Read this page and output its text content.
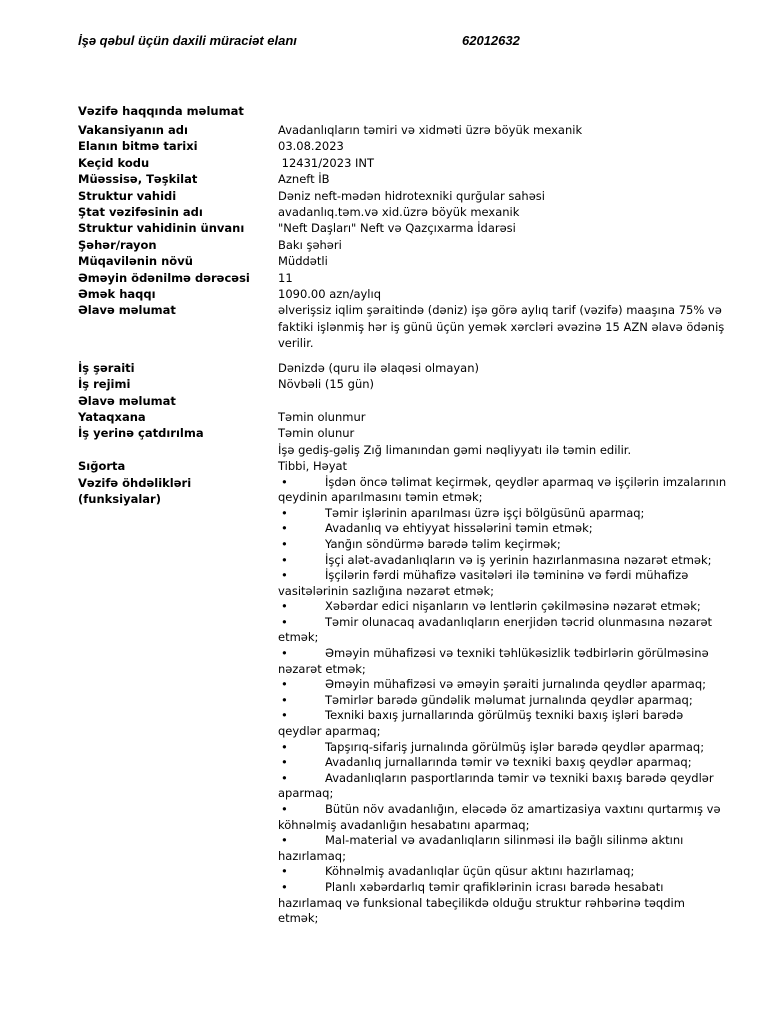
İşə qəbul üçün daxili müraciət elanı	62012632
Vəzifə haqqında məlumat
Vakansiyanın adı	Avadanlıqların təmiri və xidməti üzrə böyük mexanik
Elanın bitmə tarixi	03.08.2023
Keçid kodu	12431/2023 INT
Müəssisə, Təşkilat	Azneft İB
Struktur vahidi	Dəniz neft-mədən hidrotexniki qurğular sahəsi
Ştat vəzifəsinin adı	avadanlıq.təm.və xid.üzrə böyük mexanik
Struktur vahidinin ünvanı	"Neft Daşları" Neft və Qazçıxarma İdarəsi
Şəhər/rayon	Bakı şəhəri
Müqavilənin növü	Müddətli
Əməyin ödənilmə dərəcəsi	11
Əmək haqqı	1090.00 azn/aylıq
Əlavə məlumat	əlverişsiz iqlim şəraitində (dəniz) işə görə aylıq tarif (vəzifə) maaşına 75% və faktiki işlənmiş hər iş günü üçün yemək xərcləri əvəzinə 15 AZN əlavə ödəniş verilir.
İş şəraiti	Dənizdə (quru ilə əlaqəsi olmayan)
İş rejimi	Növbəli (15 gün)
Əlavə məlumat
Yataqxana	Təmin olunmur
İş yerinə çatdırılma	Təmin olunur
İşə gediş-gəliş Zığ limanından gəmi nəqliyyatı ilə təmin edilir.
Sığorta	Tibbi, Həyat
Vəzifə öhdəlikləri (funksiyalar)
•	İşdən öncə təlimat keçirmək, qeydlər aparmaq və işçilərin imzalarının qeydinin aparılmasını təmin etmək;
•	Təmir işlərinin aparılması üzrə işçi bölgüsünü aparmaq;
•	Avadanlıq və ehtiyyat hissələrini təmin etmək;
•	Yanğın söndürmə barədə təlim keçirmək;
•	İşçi alət-avadanlıqların və iş yerinin hazırlanmasına nəzarət etmək;
•	İşçilərin fərdi mühafizə vasitələri ilə təmininə və fərdi mühafizə vasitələrinin sazlığına nəzarət etmək;
•	Xəbərdar edici nişanların və lentlərin çəkilməsinə nəzarət etmək;
•	Təmir olunacaq avadanlıqların enerjidən təcrid olunmasına nəzarət etmək;
•	Əməyin mühafizəsi və texniki təhlükəsizlik tədbirlərin görülməsinə nəzarət etmək;
•	Əməyin mühafizəsi və əməyin şəraiti jurnalında qeydlər aparmaq;
•	Təmirlər barədə gündəlik məlumat jurnalında qeydlər aparmaq;
•	Texniki baxış jurnallarında görülmüş texniki baxış işləri barədə qeydlər aparmaq;
•	Tapşırıq-sifariş jurnalında görülmüş işlər barədə qeydlər aparmaq;
•	Avadanlıq jurnallarında təmir və texniki baxış qeydlər aparmaq;
•	Avadanlıqların pasportlarında təmir və texniki baxış barədə qeydlər aparmaq;
•	Bütün növ avadanlığın, eləcədə öz amartizasiya vaxtını qurtarmış və köhnəlmiş avadanlığın hesabatını aparmaq;
•	Mal-material və avadanlıqların silinməsi ilə bağlı silinmə aktını hazırlamaq;
•	Köhnəlmiş avadanlıqlar üçün qüsur aktını hazırlamaq;
•	Planlı xəbərdarlıq təmir qrafiklərinin icrası barədə hesabatı hazırlamaq və funksional tabeçilikdə olduğu struktur rəhbərinə təqdim etmək;
